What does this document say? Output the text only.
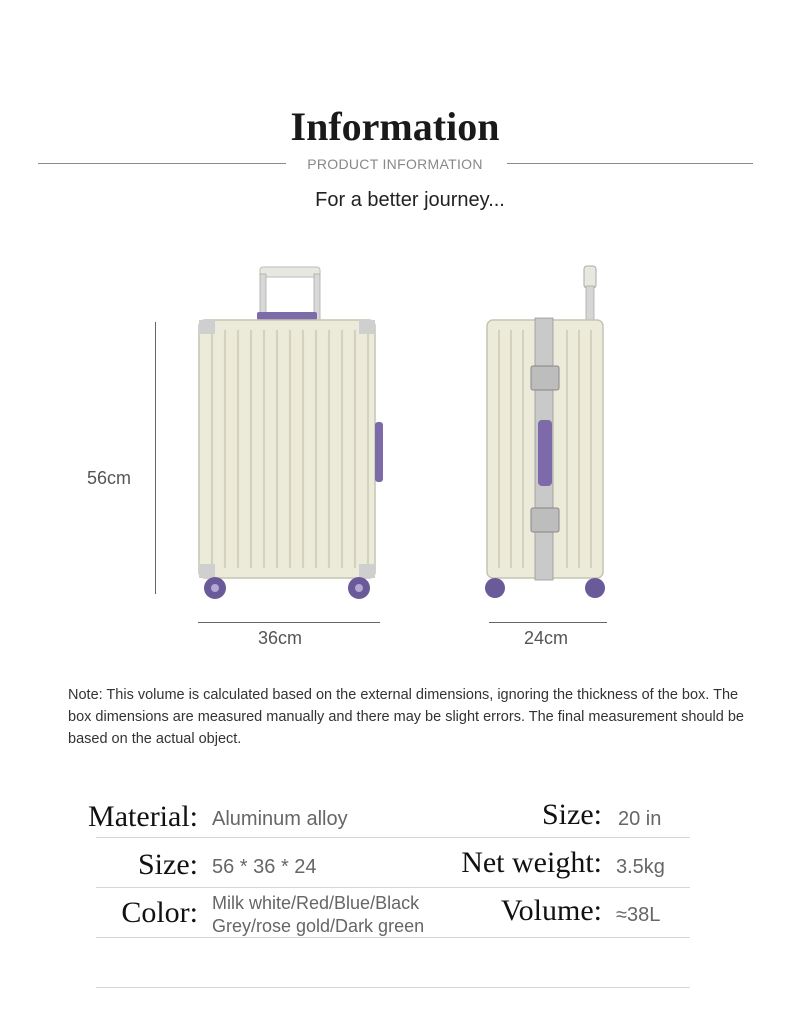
Information
PRODUCT INFORMATION
For a better journey...
56cm
36cm	24cm
Note: This volume is calculated based on the external dimensions, ignoring the thickness of the box. The box dimensions are measured manually and there may be slight errors. The final measurement should be based on the actual object.
Material: Aluminum alloy	Size: 20 in
Size: 56 * 36 * 24	Net weight: 3.5kg
Color: Milk white/Red/Blue/Black
Grey/rose gold/Dark green	Volume: ≈38L
